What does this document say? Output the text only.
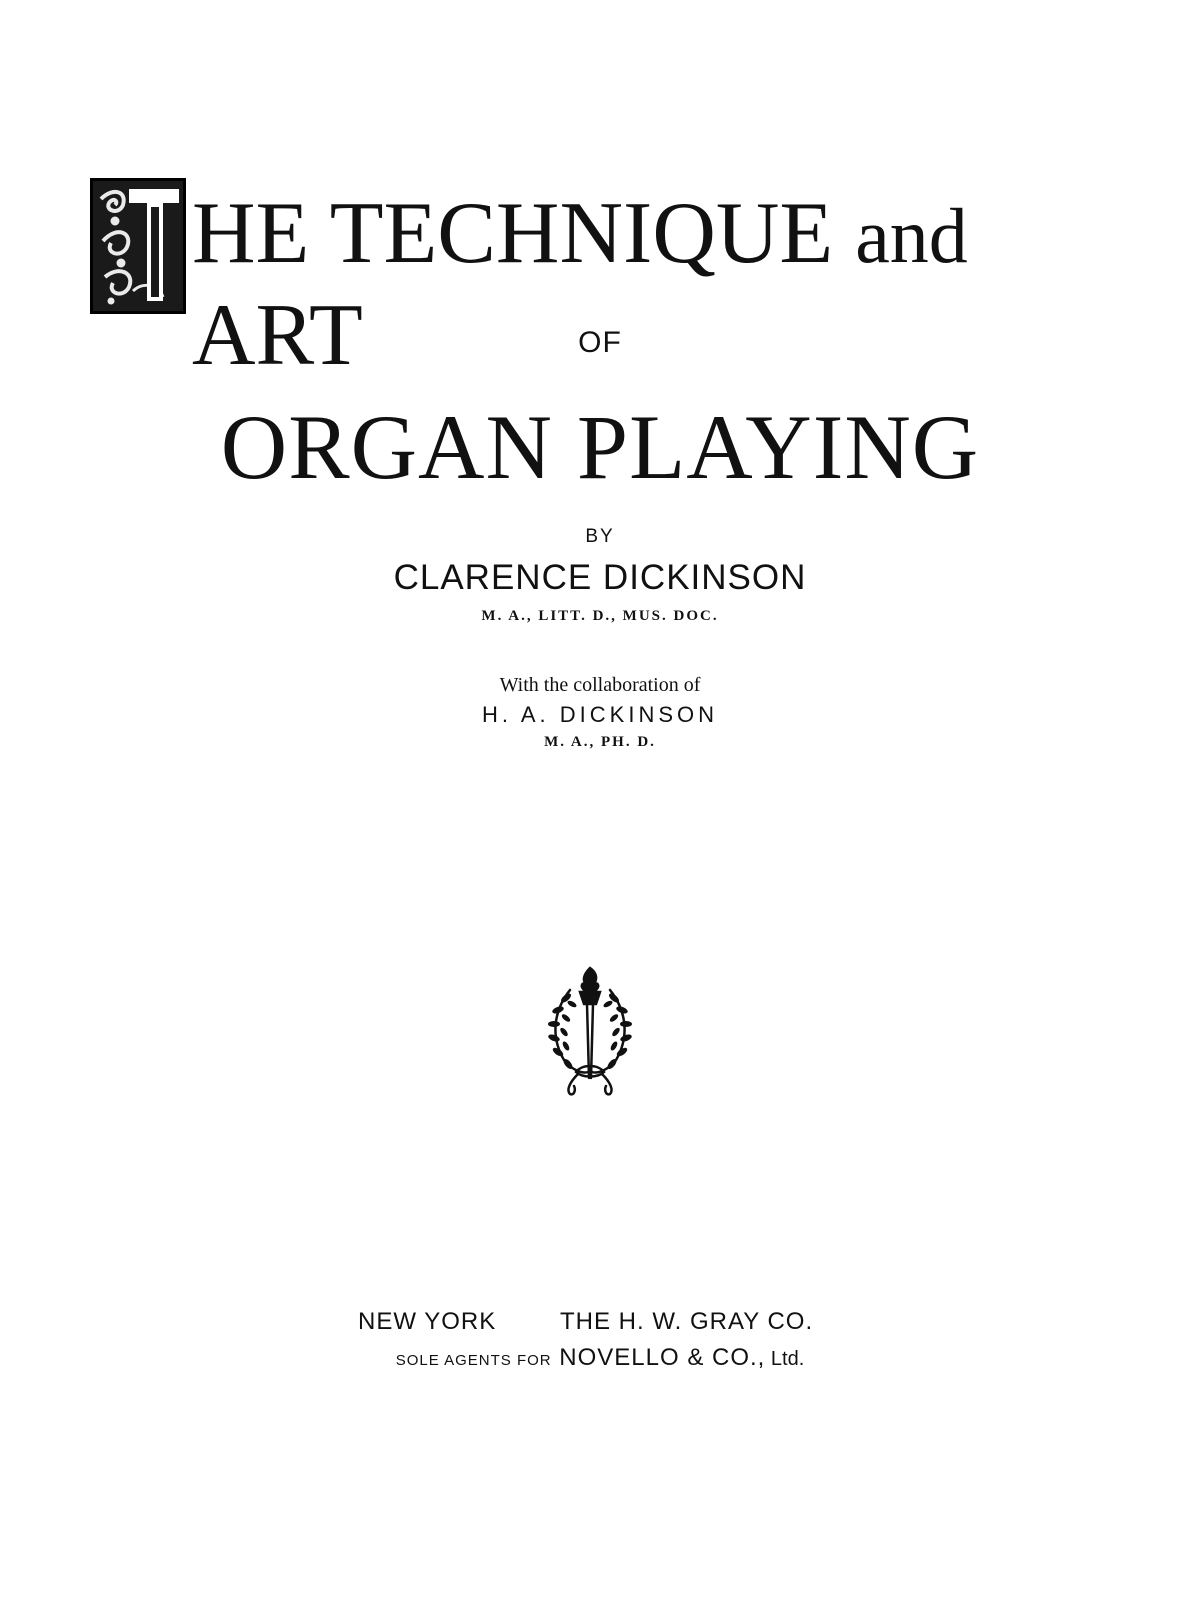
HE TECHNIQUE and ART	OF
ORGAN PLAYING
BY
CLARENCE DICKINSON
M. A., LITT. D., MUS. DOC.
With the collaboration of
H. A. DICKINSON
M. A., PH. D.
NEW YORK	THE H. W. GRAY CO.
SOLE AGENTS FOR NOVELLO & CO., Ltd.
